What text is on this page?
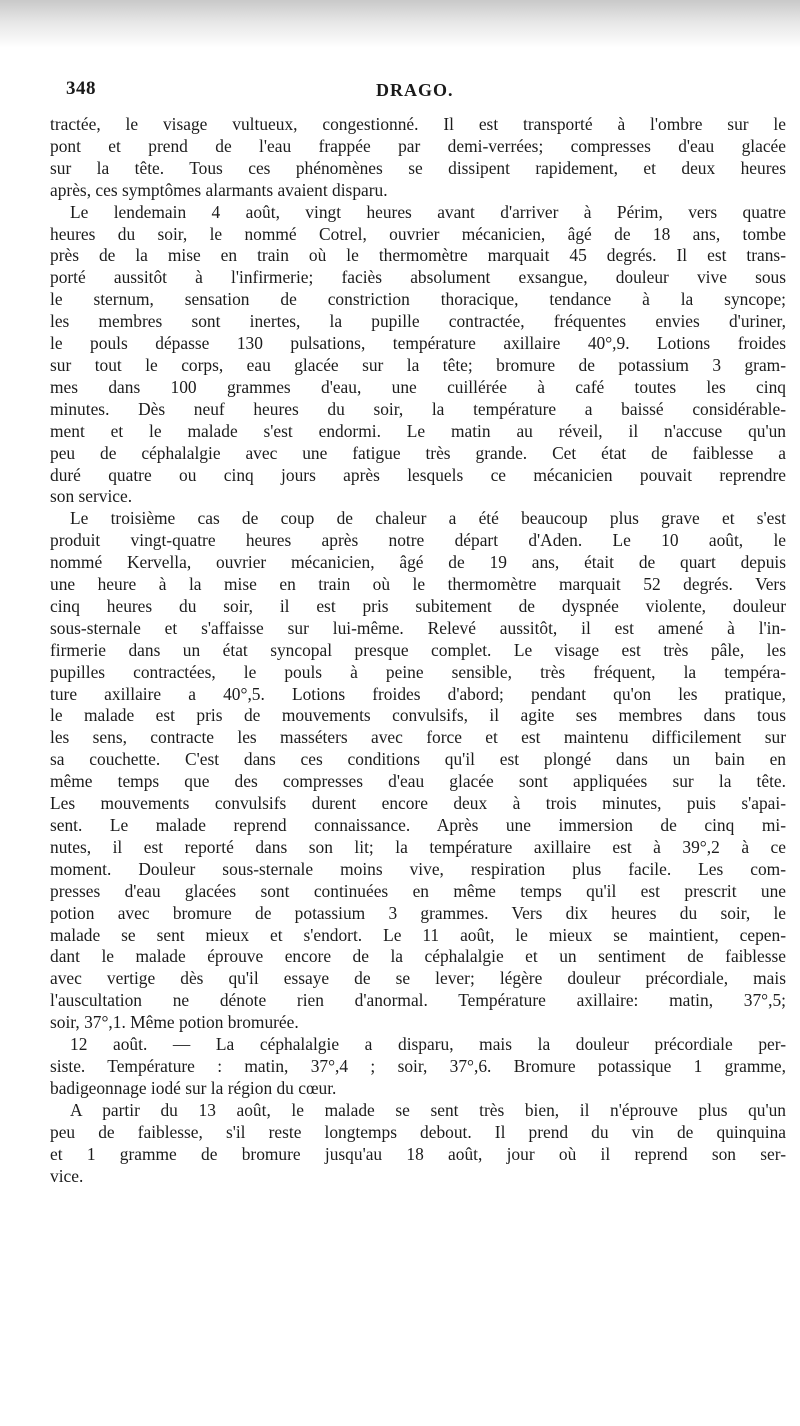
348	DRAGO.
tractée, le visage vultueux, congestionné. Il est transporté à l'ombre sur le
pont et prend de l'eau frappée par demi-verrées; compresses d'eau glacée
sur la tête. Tous ces phénomènes se dissipent rapidement, et deux heures
après, ces symptômes alarmants avaient disparu.
Le lendemain 4 août, vingt heures avant d'arriver à Périm, vers quatre
heures du soir, le nommé Cotrel, ouvrier mécanicien, âgé de 18 ans, tombe
près de la mise en train où le thermomètre marquait 45 degrés. Il est trans-
porté aussitôt à l'infirmerie; faciès absolument exsangue, douleur vive sous
le sternum, sensation de constriction thoracique, tendance à la syncope;
les membres sont inertes, la pupille contractée, fréquentes envies d'uriner,
le pouls dépasse 130 pulsations, température axillaire 40°,9. Lotions froides
sur tout le corps, eau glacée sur la tête; bromure de potassium 3 gram-
mes dans 100 grammes d'eau, une cuillérée à café toutes les cinq
minutes. Dès neuf heures du soir, la température a baissé considérable-
ment et le malade s'est endormi. Le matin au réveil, il n'accuse qu'un
peu de céphalalgie avec une fatigue très grande. Cet état de faiblesse a
duré quatre ou cinq jours après lesquels ce mécanicien pouvait reprendre
son service.
Le troisième cas de coup de chaleur a été beaucoup plus grave et s'est
produit vingt-quatre heures après notre départ d'Aden. Le 10 août, le
nommé Kervella, ouvrier mécanicien, âgé de 19 ans, était de quart depuis
une heure à la mise en train où le thermomètre marquait 52 degrés. Vers
cinq heures du soir, il est pris subitement de dyspnée violente, douleur
sous-sternale et s'affaisse sur lui-même. Relevé aussitôt, il est amené à l'in-
firmerie dans un état syncopal presque complet. Le visage est très pâle, les
pupilles contractées, le pouls à peine sensible, très fréquent, la tempéra-
ture axillaire a 40°,5. Lotions froides d'abord; pendant qu'on les pratique,
le malade est pris de mouvements convulsifs, il agite ses membres dans tous
les sens, contracte les masséters avec force et est maintenu difficilement sur
sa couchette. C'est dans ces conditions qu'il est plongé dans un bain en
même temps que des compresses d'eau glacée sont appliquées sur la tête.
Les mouvements convulsifs durent encore deux à trois minutes, puis s'apai-
sent. Le malade reprend connaissance. Après une immersion de cinq mi-
nutes, il est reporté dans son lit; la température axillaire est à 39°,2 à ce
moment. Douleur sous-sternale moins vive, respiration plus facile. Les com-
presses d'eau glacées sont continuées en même temps qu'il est prescrit une
potion avec bromure de potassium 3 grammes. Vers dix heures du soir, le
malade se sent mieux et s'endort. Le 11 août, le mieux se maintient, cepen-
dant le malade éprouve encore de la céphalalgie et un sentiment de faiblesse
avec vertige dès qu'il essaye de se lever; légère douleur précordiale, mais
l'auscultation ne dénote rien d'anormal. Température axillaire: matin, 37°,5;
soir, 37°,1. Même potion bromurée.
12 août. — La céphalalgie a disparu, mais la douleur précordiale per-
siste. Température : matin, 37°,4 ; soir, 37°,6. Bromure potassique 1 gramme,
badigeonnage iodé sur la région du cœur.
A partir du 13 août, le malade se sent très bien, il n'éprouve plus qu'un
peu de faiblesse, s'il reste longtemps debout. Il prend du vin de quinquina
et 1 gramme de bromure jusqu'au 18 août, jour où il reprend son ser-
vice.
